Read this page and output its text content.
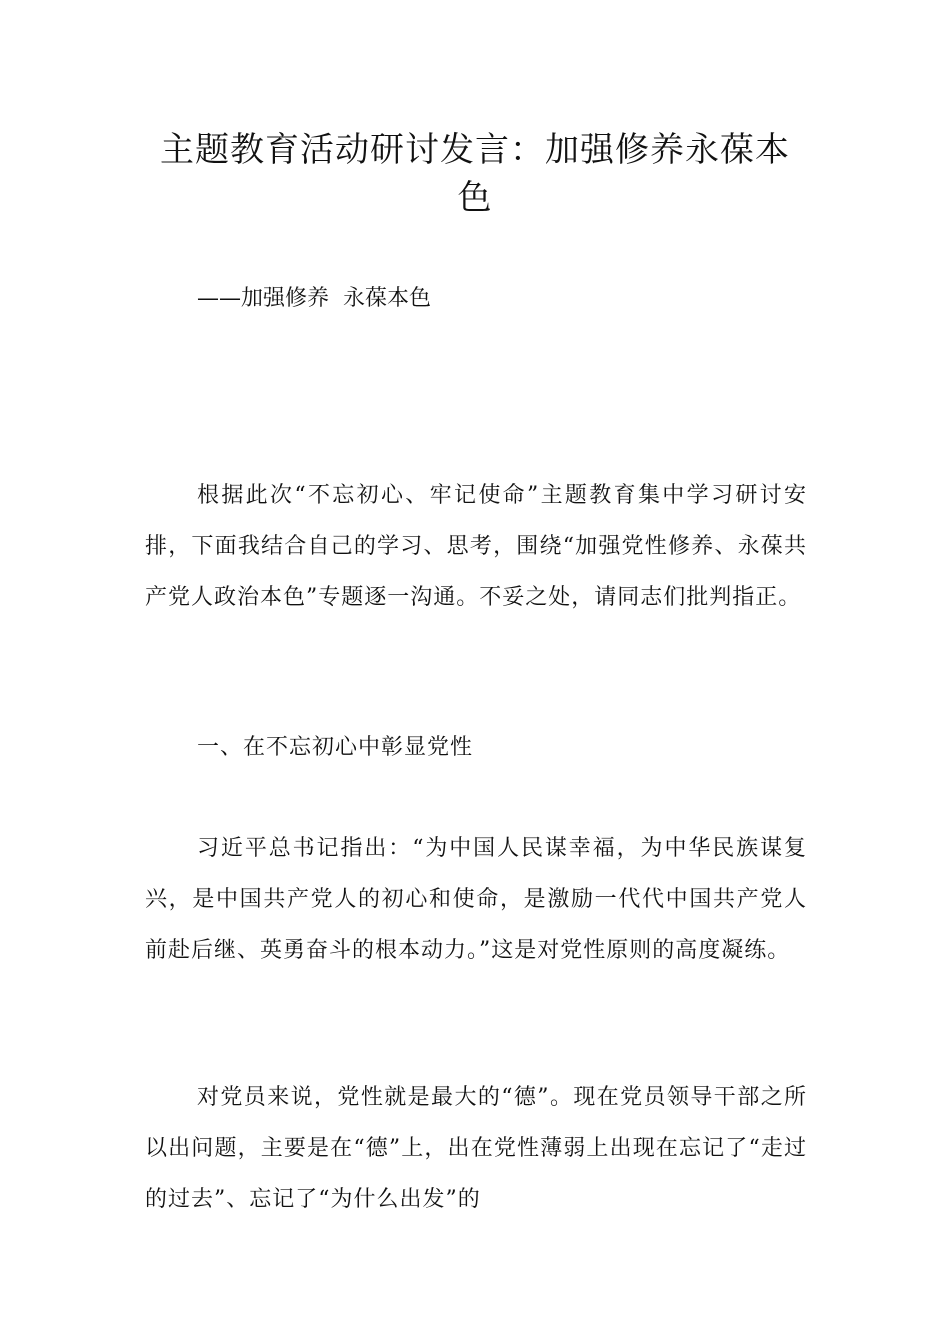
主题教育活动研讨发言：加强修养永葆本色

——加强修养  永葆本色

根据此次“不忘初心、牢记使命”主题教育集中学习研讨安排，下面我结合自己的学习、思考，围绕“加强党性修养、永葆共产党人政治本色”专题逐一沟通。不妥之处，请同志们批判指正。

一、在不忘初心中彰显党性

习近平总书记指出：“为中国人民谋幸福，为中华民族谋复兴，是中国共产党人的初心和使命，是激励一代代中国共产党人前赴后继、英勇奋斗的根本动力。”这是对党性原则的高度凝练。

对党员来说，党性就是最大的“德”。现在党员领导干部之所以出问题，主要是在“德”上，出在党性薄弱上出现在忘记了“走过的过去”、忘记了“为什么出发”的
